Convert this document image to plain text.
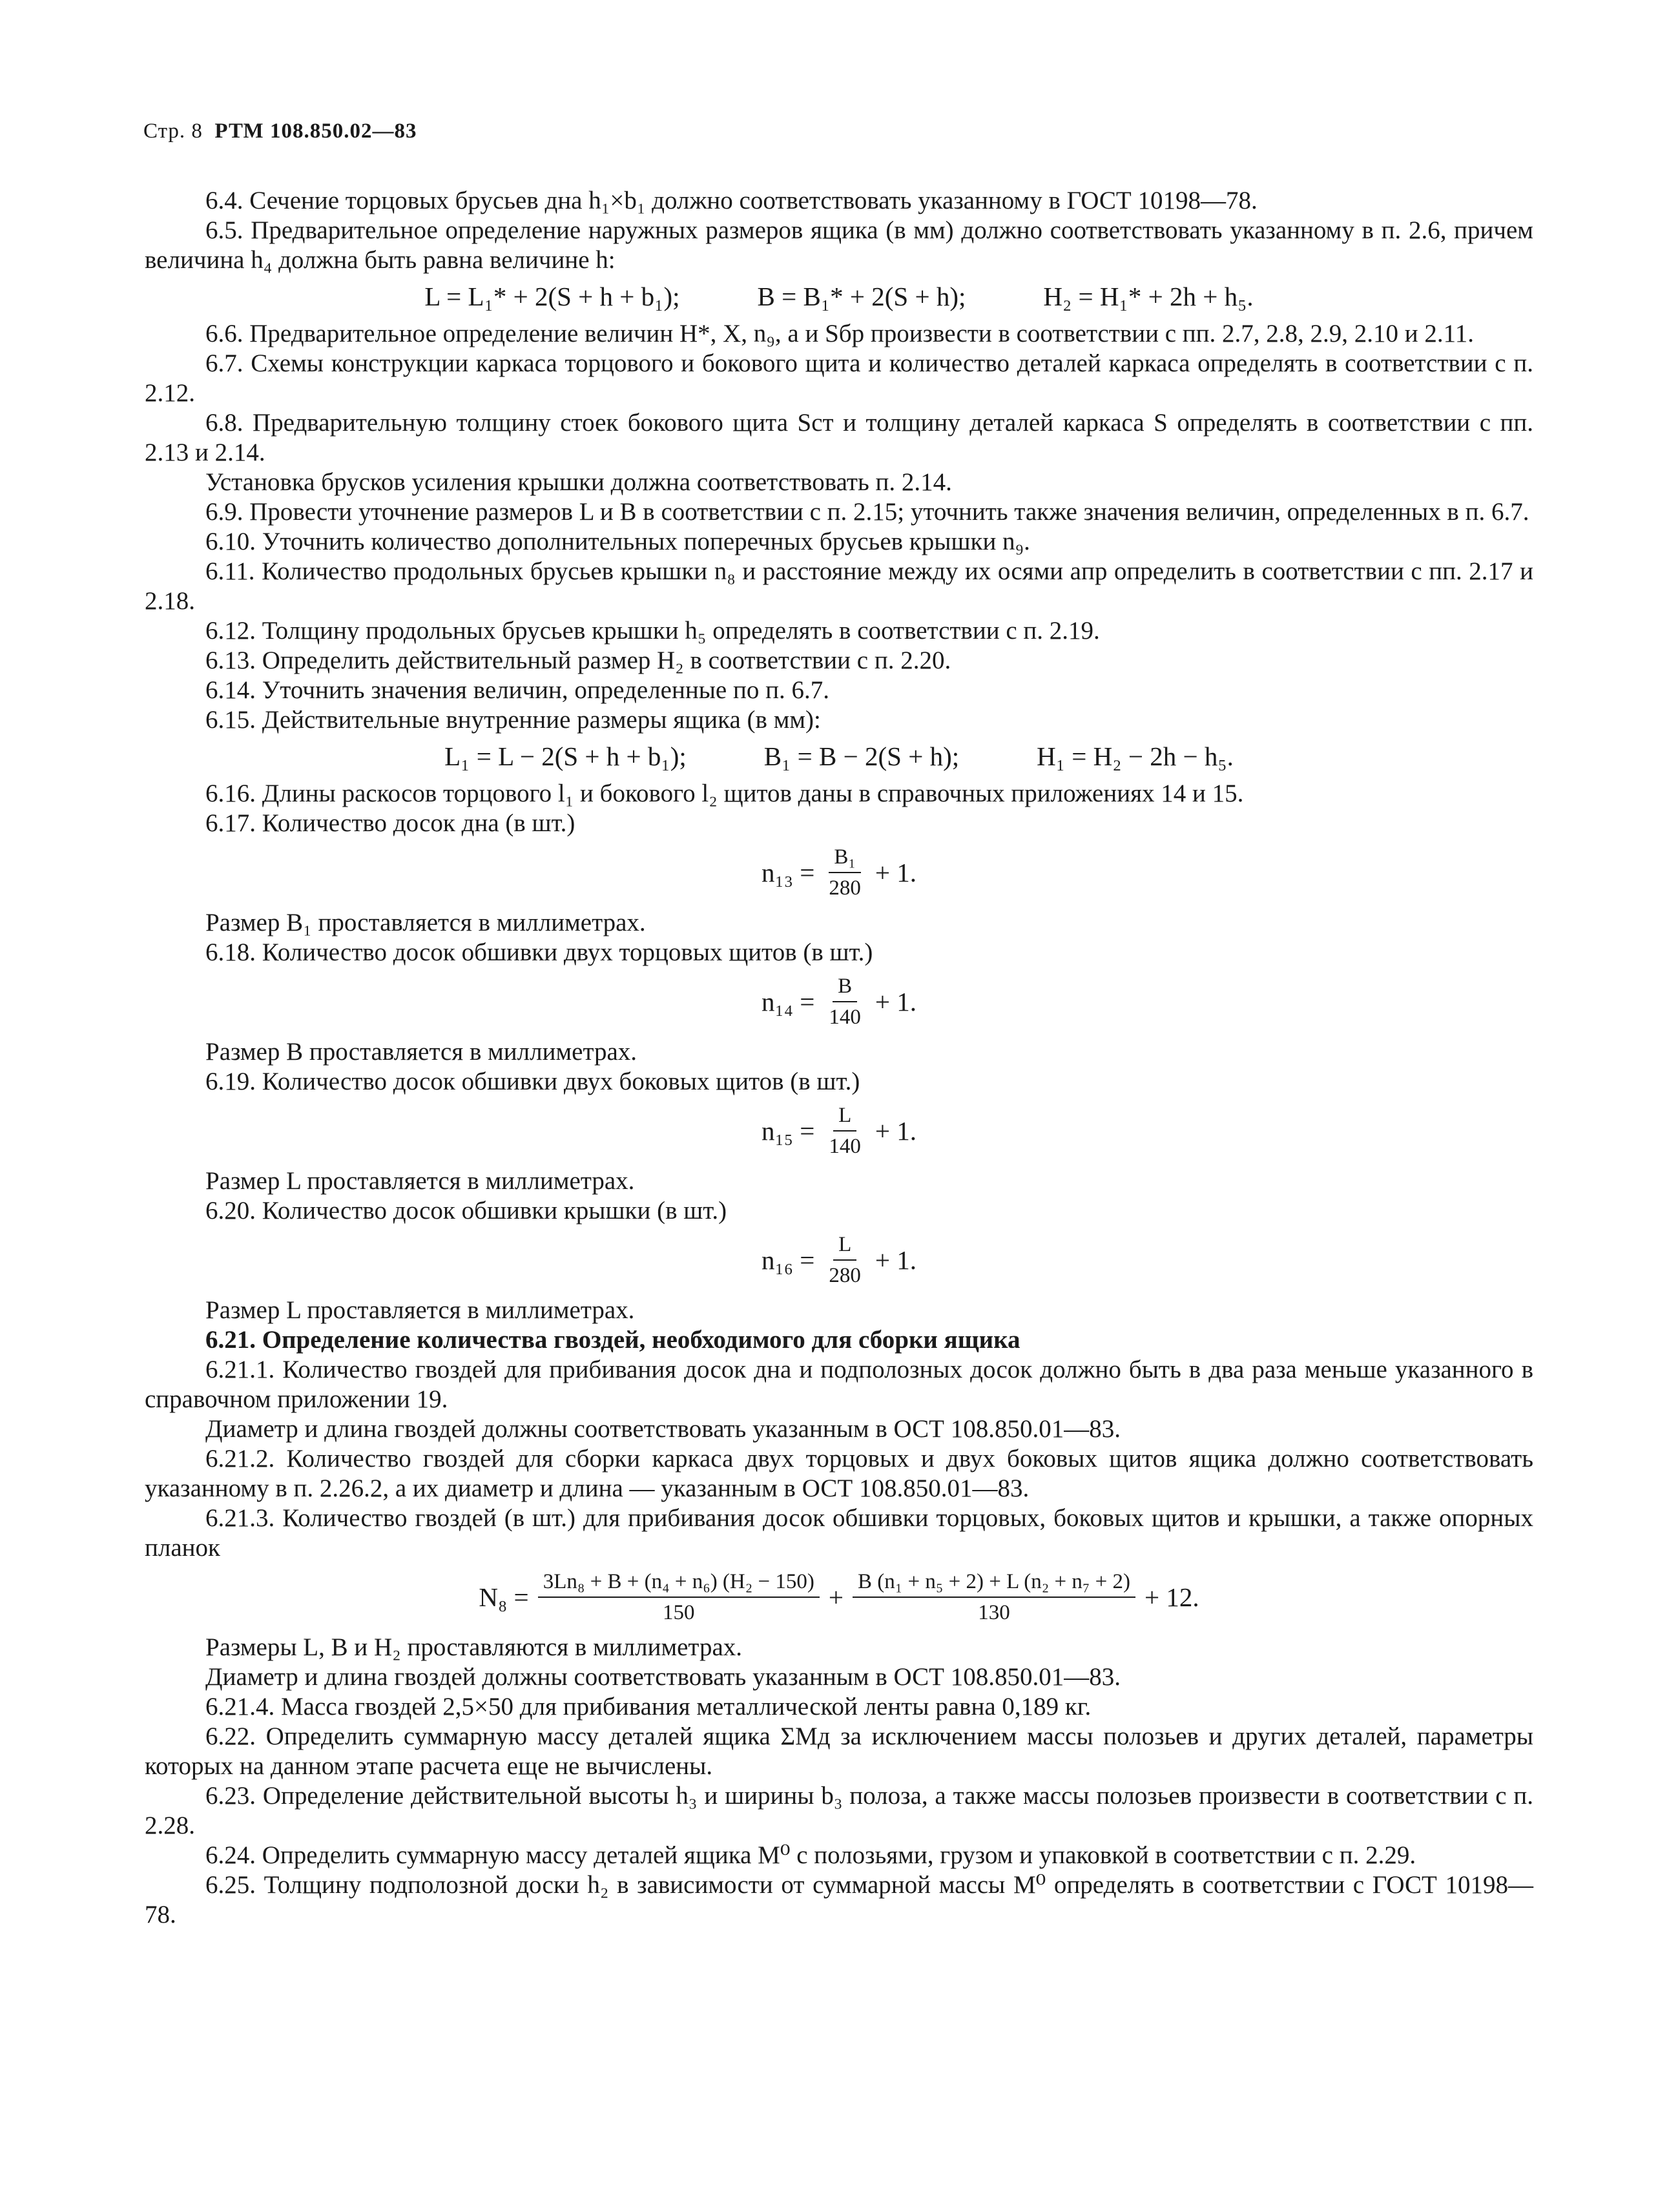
Стр. 8 РТМ 108.850.02—83

6.4. Сечение торцовых брусьев дна h₁×b₁ должно соответствовать указанному в ГОСТ 10198—78.

6.5. Предварительное определение наружных размеров ящика (в мм) должно соответствовать указанному в п. 2.6, причем величина h₄ должна быть равна величине h:

L = L₁* + 2(S + h + b₁);	B = B₁* + 2(S + h);	H₂ = H₁* + 2h + h₅.

6.6. Предварительное определение величин H*, X, n₉, a и Sбр произвести в соответствии с пп. 2.7, 2.8, 2.9, 2.10 и 2.11.

6.7. Схемы конструкции каркаса торцового и бокового щита и количество деталей каркаса определять в соответствии с п. 2.12.

6.8. Предварительную толщину стоек бокового щита Sст и толщину деталей каркаса S определять в соответствии с пп. 2.13 и 2.14.

Установка брусков усиления крышки должна соответствовать п. 2.14.

6.9. Провести уточнение размеров L и B в соответствии с п. 2.15; уточнить также значения величин, определенных в п. 6.7.

6.10. Уточнить количество дополнительных поперечных брусьев крышки n₉.

6.11. Количество продольных брусьев крышки n₈ и расстояние между их осями aпр определить в соответствии с пп. 2.17 и 2.18.

6.12. Толщину продольных брусьев крышки h₅ определять в соответствии с п. 2.19.

6.13. Определить действительный размер H₂ в соответствии с п. 2.20.

6.14. Уточнить значения величин, определенные по п. 6.7.

6.15. Действительные внутренние размеры ящика (в мм):

L₁ = L − 2(S + h + b₁);	B₁ = B − 2(S + h);	H₁ = H₂ − 2h − h₅.

6.16. Длины раскосов торцового l₁ и бокового l₂ щитов даны в справочных приложениях 14 и 15.

6.17. Количество досок дна (в шт.)

$n_{13} = \frac{\text{B₁}}{280} + 1$.

Размер B₁ проставляется в миллиметрах.

6.18. Количество досок обшивки двух торцовых щитов (в шт.)

$n_{14} = \frac{B}{140} + 1$.

Размер B проставляется в миллиметрах.

6.19. Количество досок обшивки двух боковых щитов (в шт.)

$n_{15} = \frac{L}{140} + 1$.

Размер L проставляется в миллиметрах.

6.20. Количество досок обшивки крышки (в шт.)

$n_{16} = \frac{L}{280} + 1$.

Размер L проставляется в миллиметрах.

6.21. Определение количества гвоздей, необходимого для сборки ящика

6.21.1. Количество гвоздей для прибивания досок дна и подполозных досок должно быть в два раза меньше указанного в справочном приложении 19.

Диаметр и длина гвоздей должны соответствовать указанным в ОСТ 108.850.01—83.

6.21.2. Количество гвоздей для сборки каркаса двух торцовых и двух боковых щитов ящика должно соответствовать указанному в п. 2.26.2, а их диаметр и длина — указанным в ОСТ 108.850.01—83.

6.21.3. Количество гвоздей (в шт.) для прибивания досок обшивки торцовых, боковых щитов и крышки, а также опорных планок

$N_8 = \frac{\text{3Ln₈ + B + (n₄ + n₆) (H₂ − 150)}}{150} + \frac{\text{B (n₁ + n₅ + 2) + L (n₂ + n₇ + 2)}}{130} + 12$.

Размеры L, B и H₂ проставляются в миллиметрах.

Диаметр и длина гвоздей должны соответствовать указанным в ОСТ 108.850.01—83.

6.21.4. Масса гвоздей 2,5×50 для прибивания металлической ленты равна 0,189 кг.

6.22. Определить суммарную массу деталей ящика ΣMд за исключением массы полозьев и других деталей, параметры которых на данном этапе расчета еще не вычислены.

6.23. Определение действительной высоты h₃ и ширины b₃ полоза, а также массы полозьев произвести в соответствии с п. 2.28.

6.24. Определить суммарную массу деталей ящика M⁰ с полозьями, грузом и упаковкой в соответствии с п. 2.29.

6.25. Толщину подполозной доски h₂ в зависимости от суммарной массы M⁰ определять в соответствии с ГОСТ 10198—78.
